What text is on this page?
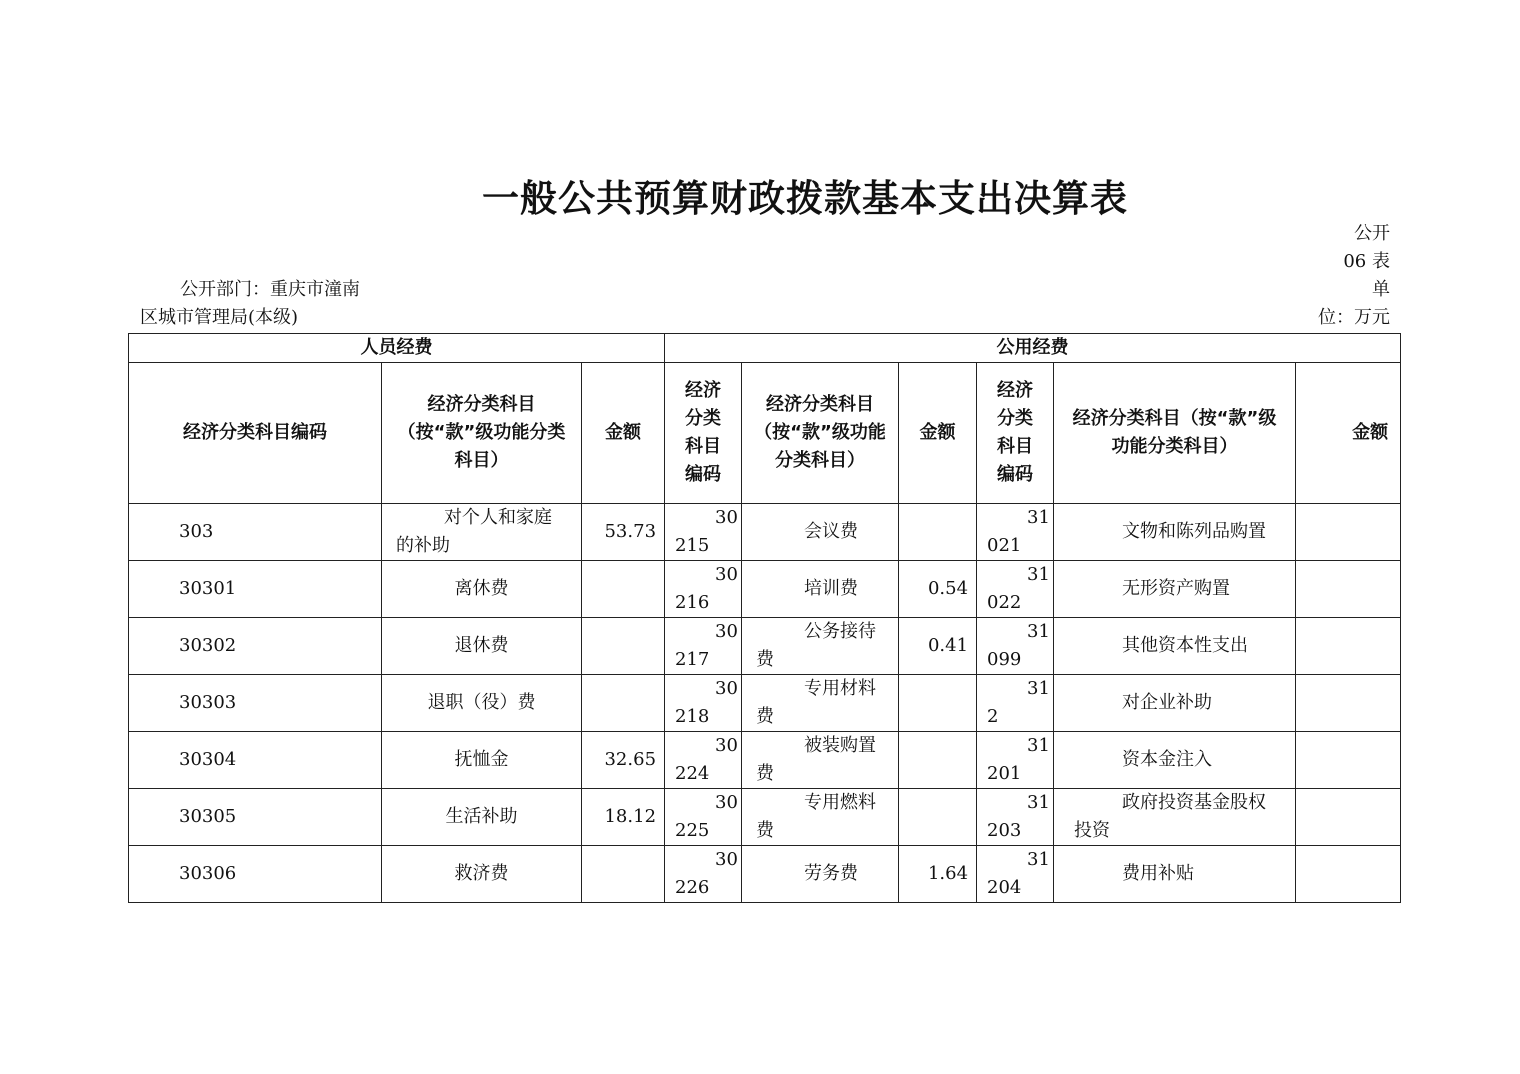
一般公共预算财政拨款基本支出决算表
公开
06 表
单
位：万元
公开部门：重庆市潼南
区城市管理局(本级)
人员经费			公用经费					
经济分类科目编码	经济分类科目（按“款”级功能分类科目）	金额	经济分类科目编码	经济分类科目（按“款”级功能分类科目）	金额	经济分类科目编码	经济分类科目（按“款”级功能分类科目）	金额
303	对个人和家庭的补助	53.73	30215	会议费		31021	文物和陈列品购置	
30301	离休费		30216	培训费	0.54	31022	无形资产购置	
30302	退休费		30217	公务接待费	0.41	31099	其他资本性支出	
30303	退职（役）费		30218	专用材料费		312	对企业补助	
30304	抚恤金	32.65	30224	被装购置费		31201	资本金注入	
30305	生活补助	18.12	30225	专用燃料费		31203	政府投资基金股权投资	
30306	救济费		30226	劳务费	1.64	31204	费用补贴	
